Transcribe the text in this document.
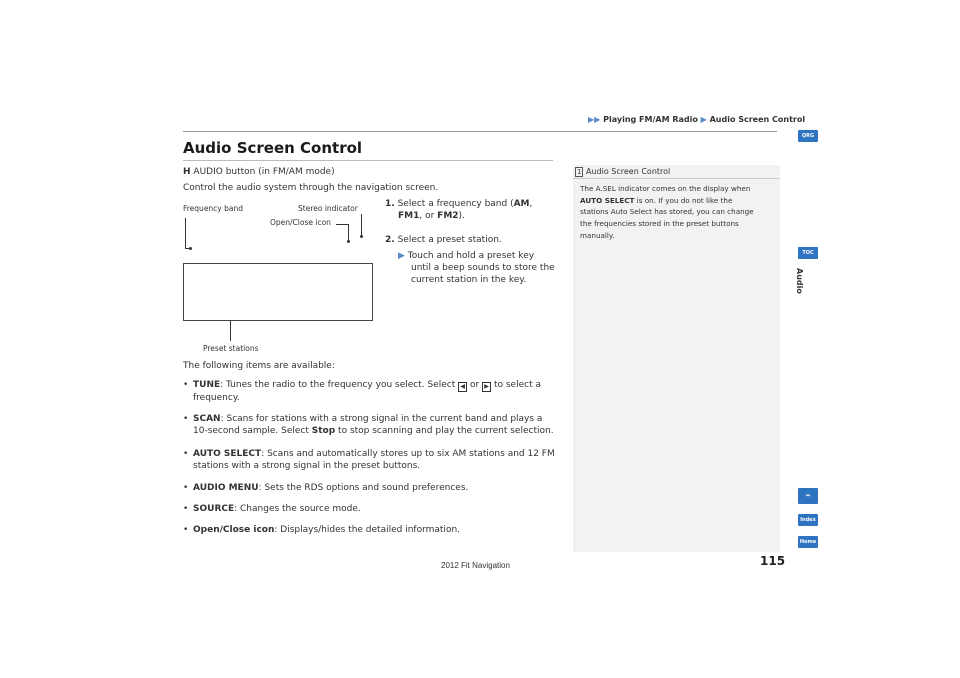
▶▶ Playing FM/AM Radio ▶ Audio Screen Control
Audio Screen Control
H AUDIO button (in FM/AM mode)
Control the audio system through the navigation screen.
Frequency band	Stereo indicator
Open/Close icon
Preset stations
1. Select a frequency band (AM,
FM1, or FM2).
2. Select a preset station.
▶ Touch and hold a preset key
until a beep sounds to store the
current station in the key.
The following items are available:
• TUNE: Tunes the radio to the frequency you select. Select ◀ or ▶ to select a
frequency.
• SCAN: Scans for stations with a strong signal in the current band and plays a
10-second sample. Select Stop to stop scanning and play the current selection.
• AUTO SELECT: Scans and automatically stores up to six AM stations and 12 FM
stations with a strong signal in the preset buttons.
• AUDIO MENU: Sets the RDS options and sound preferences.
• SOURCE: Changes the source mode.
• Open/Close icon: Displays/hides the detailed information.
1 Audio Screen Control
The A.SEL indicator comes on the display when
AUTO SELECT is on. If you do not like the
stations Auto Select has stored, you can change
the frequencies stored in the preset buttons
manually.
QRG
TOC
Audio
⌁
Index
Home
115
2012 Fit Navigation
